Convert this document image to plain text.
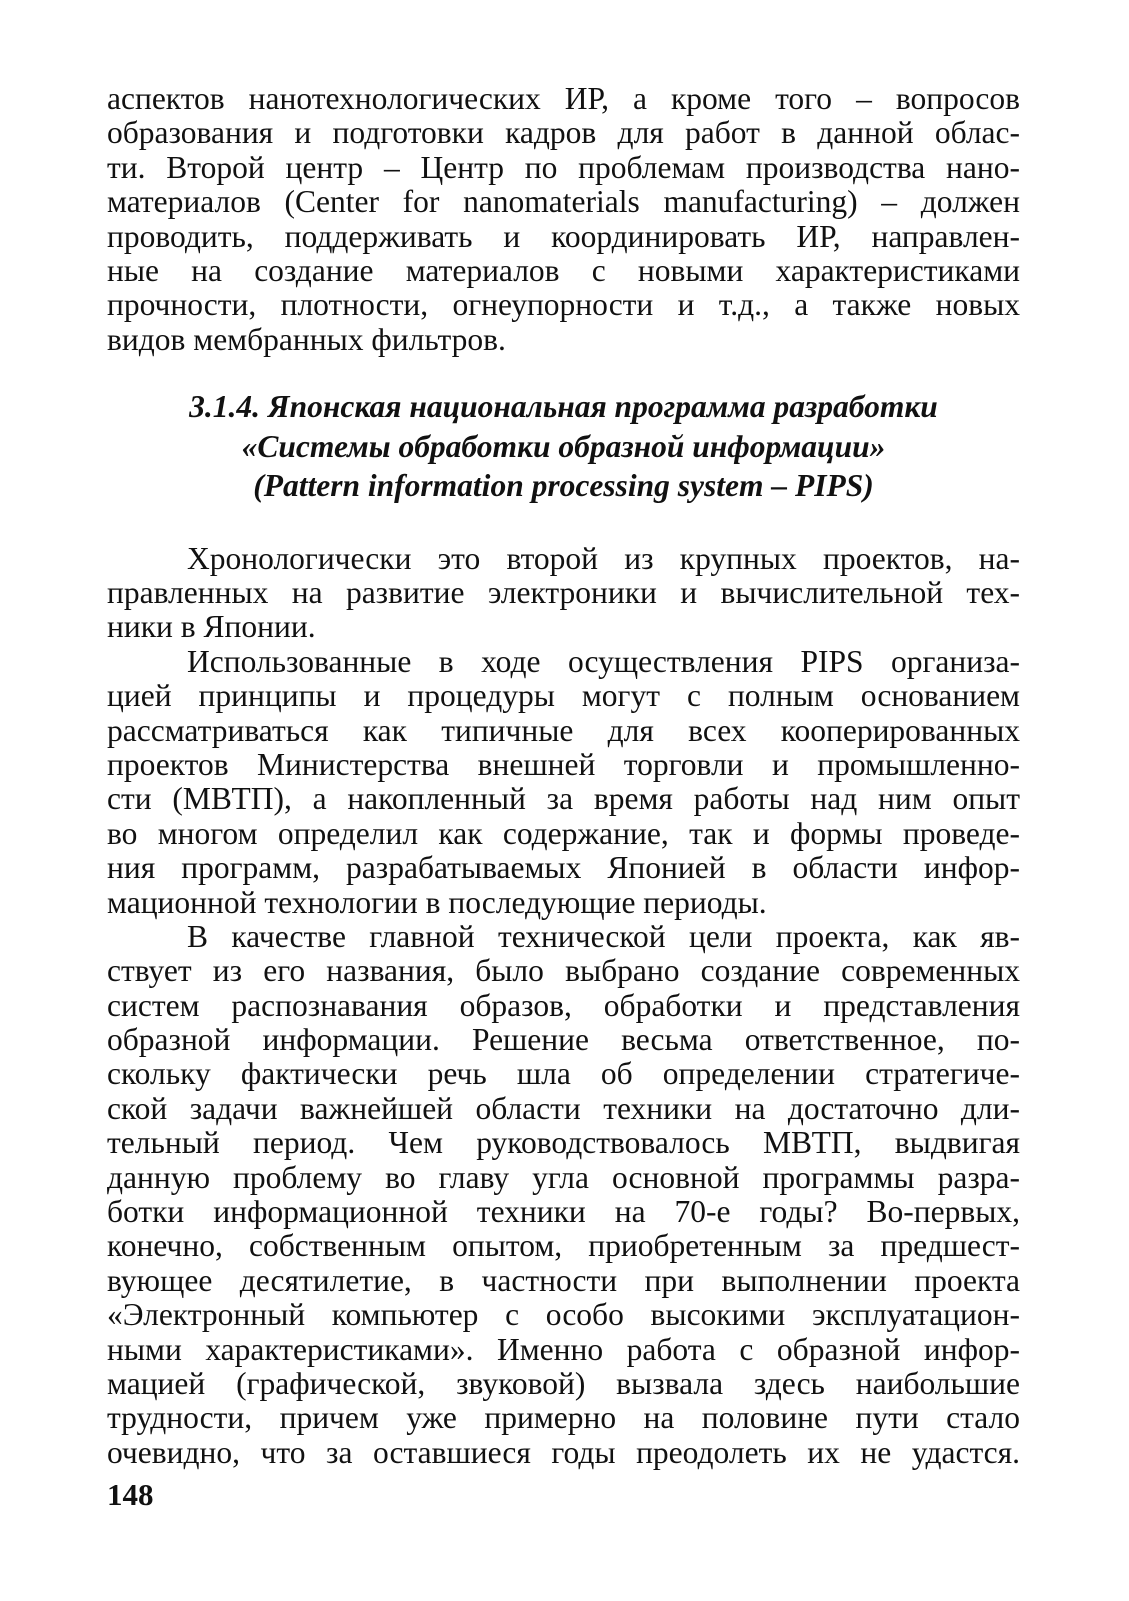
аспектов нанотехнологических ИР, а кроме того – вопросов
образования и подготовки кадров для работ в данной облас-
ти. Второй центр – Центр по проблемам производства нано-
материалов (Center for nanomaterials manufacturing) – должен
проводить, поддерживать и координировать ИР, направлен-
ные на создание материалов с новыми характеристиками
прочности, плотности, огнеупорности и т.д., а также новых
видов мембранных фильтров.
3.1.4. Японская национальная программа разработки
«Системы обработки образной информации»
(Pattern information processing system – PIPS)
Хронологически это второй из крупных проектов, на-
правленных на развитие электроники и вычислительной тех-
ники в Японии.
Использованные в ходе осуществления PIPS организа-
цией принципы и процедуры могут с полным основанием
рассматриваться как типичные для всех кооперированных
проектов Министерства внешней торговли и промышленно-
сти (МВТП), а накопленный за время работы над ним опыт
во многом определил как содержание, так и формы проведе-
ния программ, разрабатываемых Японией в области инфор-
мационной технологии в последующие периоды.
В качестве главной технической цели проекта, как яв-
ствует из его названия, было выбрано создание современных
систем распознавания образов, обработки и представления
образной информации. Решение весьма ответственное, по-
скольку фактически речь шла об определении стратегиче-
ской задачи важнейшей области техники на достаточно дли-
тельный период. Чем руководствовалось МВТП, выдвигая
данную проблему во главу угла основной программы разра-
ботки информационной техники на 70-е годы? Во-первых,
конечно, собственным опытом, приобретенным за предшест-
вующее десятилетие, в частности при выполнении проекта
«Электронный компьютер с особо высокими эксплуатацион-
ными характеристиками». Именно работа с образной инфор-
мацией (графической, звуковой) вызвала здесь наибольшие
трудности, причем уже примерно на половине пути стало
очевидно, что за оставшиеся годы преодолеть их не удастся.
148
